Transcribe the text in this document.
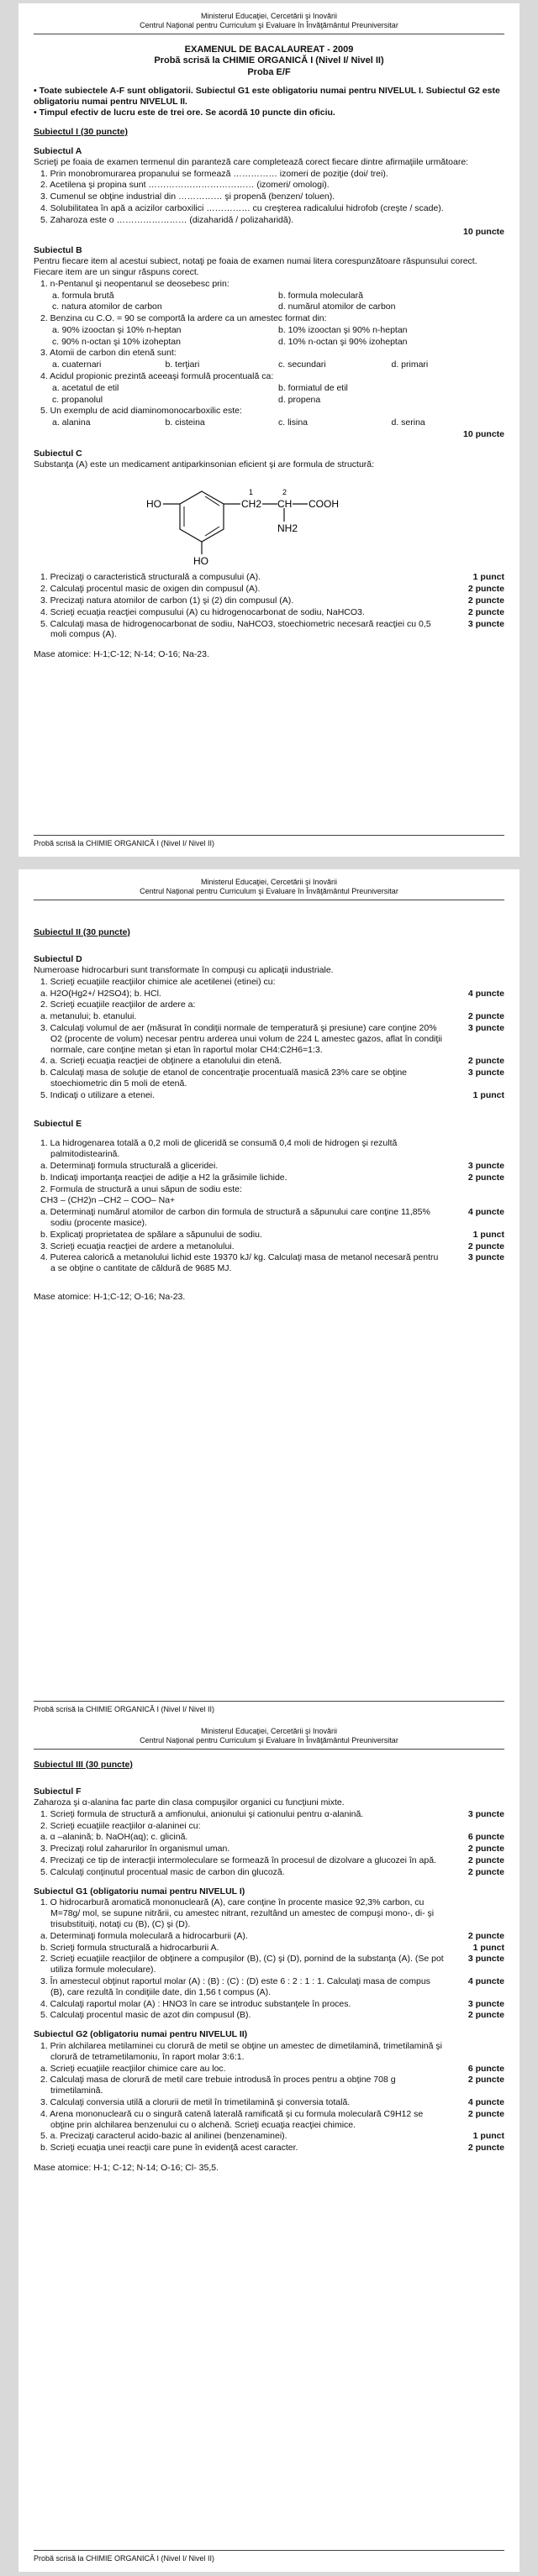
Ministerul Educaţiei, Cercetării şi Inovării
Centrul Naţional pentru Curriculum şi Evaluare în Învăţământul Preuniversitar
EXAMENUL DE BACALAUREAT - 2009
Probă scrisă la CHIMIE ORGANICĂ I (Nivel I/ Nivel II)
Proba E/F
• Toate subiectele A-F sunt obligatorii. Subiectul G1 este obligatoriu numai pentru NIVELUL I. Subiectul G2 este obligatoriu numai pentru NIVELUL II.
• Timpul efectiv de lucru este de trei ore. Se acordă 10 puncte din oficiu.
Subiectul I (30 puncte)
Subiectul A
Scrieţi pe foaia de examen termenul din paranteză care completează corect fiecare dintre afirmaţiile următoare:
1. Prin monobromurarea propanului se formează …………… izomeri de poziţie (doi/ trei).
2. Acetilena şi propina sunt ……………………………… (izomeri/ omologi).
3. Cumenul se obţine industrial din …………… şi propenă (benzen/ toluen).
4. Solubilitatea în apă a acizilor carboxilici …………… cu creşterea radicalului hidrofob (creşte / scade).
5. Zaharoza este o …………………… (dizaharidă / polizaharidă).
10 puncte
Subiectul B
Pentru fiecare item al acestui subiect, notaţi pe foaia de examen numai litera corespunzătoare răspunsului corect. Fiecare item are un singur răspuns corect.
1. n-Pentanul şi neopentanul se deosebesc prin:
a. formula brută	b. formula moleculară
c. natura atomilor de carbon	d. numărul atomilor de carbon
2. Benzina cu C.O. = 90 se comportă la ardere ca un amestec format din:
a. 90% izooctan şi 10% n-heptan	b. 10% izooctan şi 90% n-heptan
c. 90% n-octan şi 10% izoheptan	d. 10% n-octan şi 90% izoheptan
3. Atomii de carbon din etenă sunt:
a. cuaternari	b. terţiari	c. secundari	d. primari
4. Acidul propionic prezintă aceeaşi formulă procentuală ca:
a. acetatul de etil	b. formiatul de etil
c. propanolul	d. propena
5. Un exemplu de acid diaminomonocarboxilic este:
a. alanina	b. cisteina	c. lisina	d. serina
10 puncte
Subiectul C
Substanţa (A) este un medicament antiparkinsonian eficient şi are formula de structură:
HO
HO
CH2 CH COOH
NH2
1	2
1. Precizaţi o caracteristică structurală a compusului (A).	1 punct
2. Calculaţi procentul masic de oxigen din compusul (A).	2 puncte
3. Precizaţi natura atomilor de carbon (1) şi (2) din compusul (A).	2 puncte
4. Scrieţi ecuaţia reacţiei compusului (A) cu hidrogenocarbonat de sodiu, NaHCO3.	2 puncte
5. Calculaţi masa de hidrogenocarbonat de sodiu, NaHCO3, stoechiometric necesară reacţiei cu 0,5 moli compus (A).
3 puncte
Mase atomice: H-1;C-12; N-14; O-16; Na-23.
Probă scrisă la CHIMIE ORGANICĂ I (Nivel I/ Nivel II)
Ministerul Educaţiei, Cercetării şi Inovării
Centrul Naţional pentru Curriculum şi Evaluare în Învăţământul Preuniversitar
Subiectul II (30 puncte)
Subiectul D
Numeroase hidrocarburi sunt transformate în compuşi cu aplicaţii industriale.
1. Scrieţi ecuaţiile reacţiilor chimice ale acetilenei (etinei) cu:
a. H2O(Hg2+/ H2SO4); b. HCl.	4 puncte
2. Scrieţi ecuaţiile reacţiilor de ardere a:
a. metanului; b. etanului.	2 puncte
3. Calculaţi volumul de aer (măsurat în condiţii normale de temperatură şi presiune) care conţine 20% O2 (procente de volum) necesar pentru arderea unui volum de 224 L amestec gazos, aflat în condiţii normale, care conţine metan şi etan în raportul molar CH4:C2H6=1:3.
3 puncte
4. a. Scrieţi ecuaţia reacţiei de obţinere a etanolului din etenă.	2 puncte
b. Calculaţi masa de soluţie de etanol de concentraţie procentuală masică 23% care se obţine stoechiometric din 5 moli de etenă.
3 puncte
5. Indicaţi o utilizare a etenei.	1 punct
Subiectul E
1. La hidrogenarea totală a 0,2 moli de gliceridă se consumă 0,4 moli de hidrogen şi rezultă palmitodistearină.
a. Determinaţi formula structurală a gliceridei.	3 puncte
b. Indicaţi importanţa reacţiei de adiţie a H2 la grăsimile lichide.	2 puncte
2. Formula de structură a unui săpun de sodiu este:
CH3 – (CH2)n –CH2 – COO– Na+
a. Determinaţi numărul atomilor de carbon din formula de structură a săpunului care conţine 11,85% sodiu (procente masice).
4 puncte
b. Explicaţi proprietatea de spălare a săpunului de sodiu.	1 punct
3. Scrieţi ecuaţia reacţiei de ardere a metanolului.	2 puncte
4. Puterea calorică a metanolului lichid este 19370 kJ/ kg. Calculaţi masa de metanol necesară pentru a se obţine o cantitate de căldură de 9685 MJ.
3 puncte
Mase atomice: H-1;C-12; O-16; Na-23.
Probă scrisă la CHIMIE ORGANICĂ I (Nivel I/ Nivel II)
Ministerul Educaţiei, Cercetării şi Inovării
Centrul Naţional pentru Curriculum şi Evaluare în Învăţământul Preuniversitar
Subiectul III (30 puncte)
Subiectul F
Zaharoza şi α-alanina fac parte din clasa compuşilor organici cu funcţiuni mixte.
1. Scrieţi formula de structură a amfionului, anionului şi cationului pentru α-alanină.	3 puncte
2. Scrieţi ecuaţiile reacţiilor α-alaninei cu:
a. α –alanină; b. NaOH(aq); c. glicină.	6 puncte
3. Precizaţi rolul zaharurilor în organismul uman.	2 puncte
4. Precizaţi ce tip de interacţii intermoleculare se formează în procesul de dizolvare a glucozei în apă.	2 puncte
5. Calculaţi conţinutul procentual masic de carbon din glucoză.	2 puncte
Subiectul G1 (obligatoriu numai pentru NIVELUL I)
1. O hidrocarbură aromatică mononucleară (A), care conţine în procente masice 92,3% carbon, cu M=78g/ mol, se supune nitrării, cu amestec nitrant, rezultând un amestec de compuşi mono-, di- şi trisubstituiţi, notaţi cu (B), (C) şi (D).
a. Determinaţi formula moleculară a hidrocarburii (A).	2 puncte
b. Scrieţi formula structurală a hidrocarburii A.	1 punct
2. Scrieţi ecuaţiile reacţiilor de obţinere a compuşilor (B), (C) şi (D), pornind de la substanţa (A). (Se pot utiliza formule moleculare).
3 puncte
3. În amestecul obţinut raportul molar (A) : (B) : (C) : (D) este 6 : 2 : 1 : 1. Calculaţi masa de compus (B), care rezultă în condiţiile date, din 1,56 t compus (A).
4 puncte
4. Calculaţi raportul molar (A) : HNO3 în care se introduc substanţele în proces.	3 puncte
5. Calculaţi procentul masic de azot din compusul (B).	2 puncte
Subiectul G2 (obligatoriu numai pentru NIVELUL II)
1. Prin alchilarea metilaminei cu clorură de metil se obţine un amestec de dimetilamină, trimetilamină şi clorură de tetrametilamoniu, în raport molar 3:6:1.
a. Scrieţi ecuaţiile reacţiilor chimice care au loc.	6 puncte
2. Calculaţi masa de clorură de metil care trebuie introdusă în proces pentru a obţine 708 g trimetilamină.
2 puncte
3. Calculaţi conversia utilă a clorurii de metil în trimetilamină şi conversia totală.	4 puncte
4. Arena mononucleară cu o singură catenă laterală ramificată şi cu formula moleculară C9H12 se obţine prin alchilarea benzenului cu o alchenă. Scrieţi ecuaţia reacţiei chimice.
2 puncte
5. a. Precizaţi caracterul acido-bazic al anilinei (benzenaminei).	1 punct
b. Scrieţi ecuaţia unei reacţii care pune în evidenţă acest caracter.	2 puncte
Mase atomice: H-1; C-12; N-14; O-16; Cl- 35,5.
Probă scrisă la CHIMIE ORGANICĂ I (Nivel I/ Nivel II)
